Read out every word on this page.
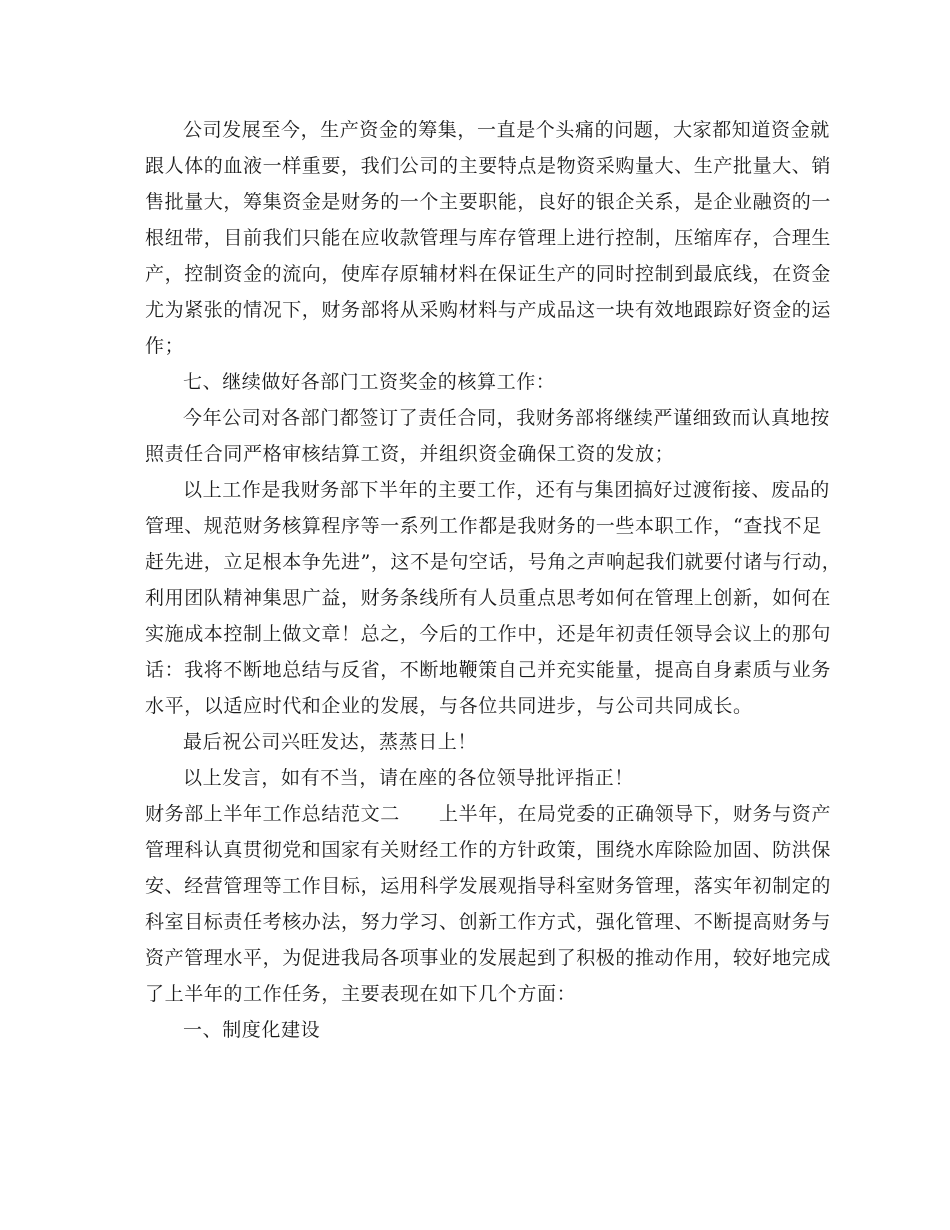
公司发展至今，生产资金的筹集，一直是个头痛的问题，大家都知道资金就
跟人体的血液一样重要，我们公司的主要特点是物资采购量大、生产批量大、销
售批量大，筹集资金是财务的一个主要职能，良好的银企关系，是企业融资的一
根纽带，目前我们只能在应收款管理与库存管理上进行控制，压缩库存，合理生
产，控制资金的流向，使库存原辅材料在保证生产的同时控制到最底线，在资金
尤为紧张的情况下，财务部将从采购材料与产成品这一块有效地跟踪好资金的运
作；
七、继续做好各部门工资奖金的核算工作：
今年公司对各部门都签订了责任合同，我财务部将继续严谨细致而认真地按
照责任合同严格审核结算工资，并组织资金确保工资的发放；
以上工作是我财务部下半年的主要工作，还有与集团搞好过渡衔接、废品的
管理、规范财务核算程序等一系列工作都是我财务的一些本职工作，“查找不足
赶先进，立足根本争先进”，这不是句空话，号角之声响起我们就要付诸与行动，
利用团队精神集思广益，财务条线所有人员重点思考如何在管理上创新，如何在
实施成本控制上做文章！总之，今后的工作中，还是年初责任领导会议上的那句
话：我将不断地总结与反省，不断地鞭策自己并充实能量，提高自身素质与业务
水平，以适应时代和企业的发展，与各位共同进步，与公司共同成长。
最后祝公司兴旺发达，蒸蒸日上！
以上发言，如有不当，请在座的各位领导批评指正！
财务部上半年工作总结范文二　　上半年，在局党委的正确领导下，财务与资产
管理科认真贯彻党和国家有关财经工作的方针政策，围绕水库除险加固、防洪保
安、经营管理等工作目标，运用科学发展观指导科室财务管理，落实年初制定的
科室目标责任考核办法，努力学习、创新工作方式，强化管理、不断提高财务与
资产管理水平，为促进我局各项事业的发展起到了积极的推动作用，较好地完成
了上半年的工作任务，主要表现在如下几个方面：
一、制度化建设
